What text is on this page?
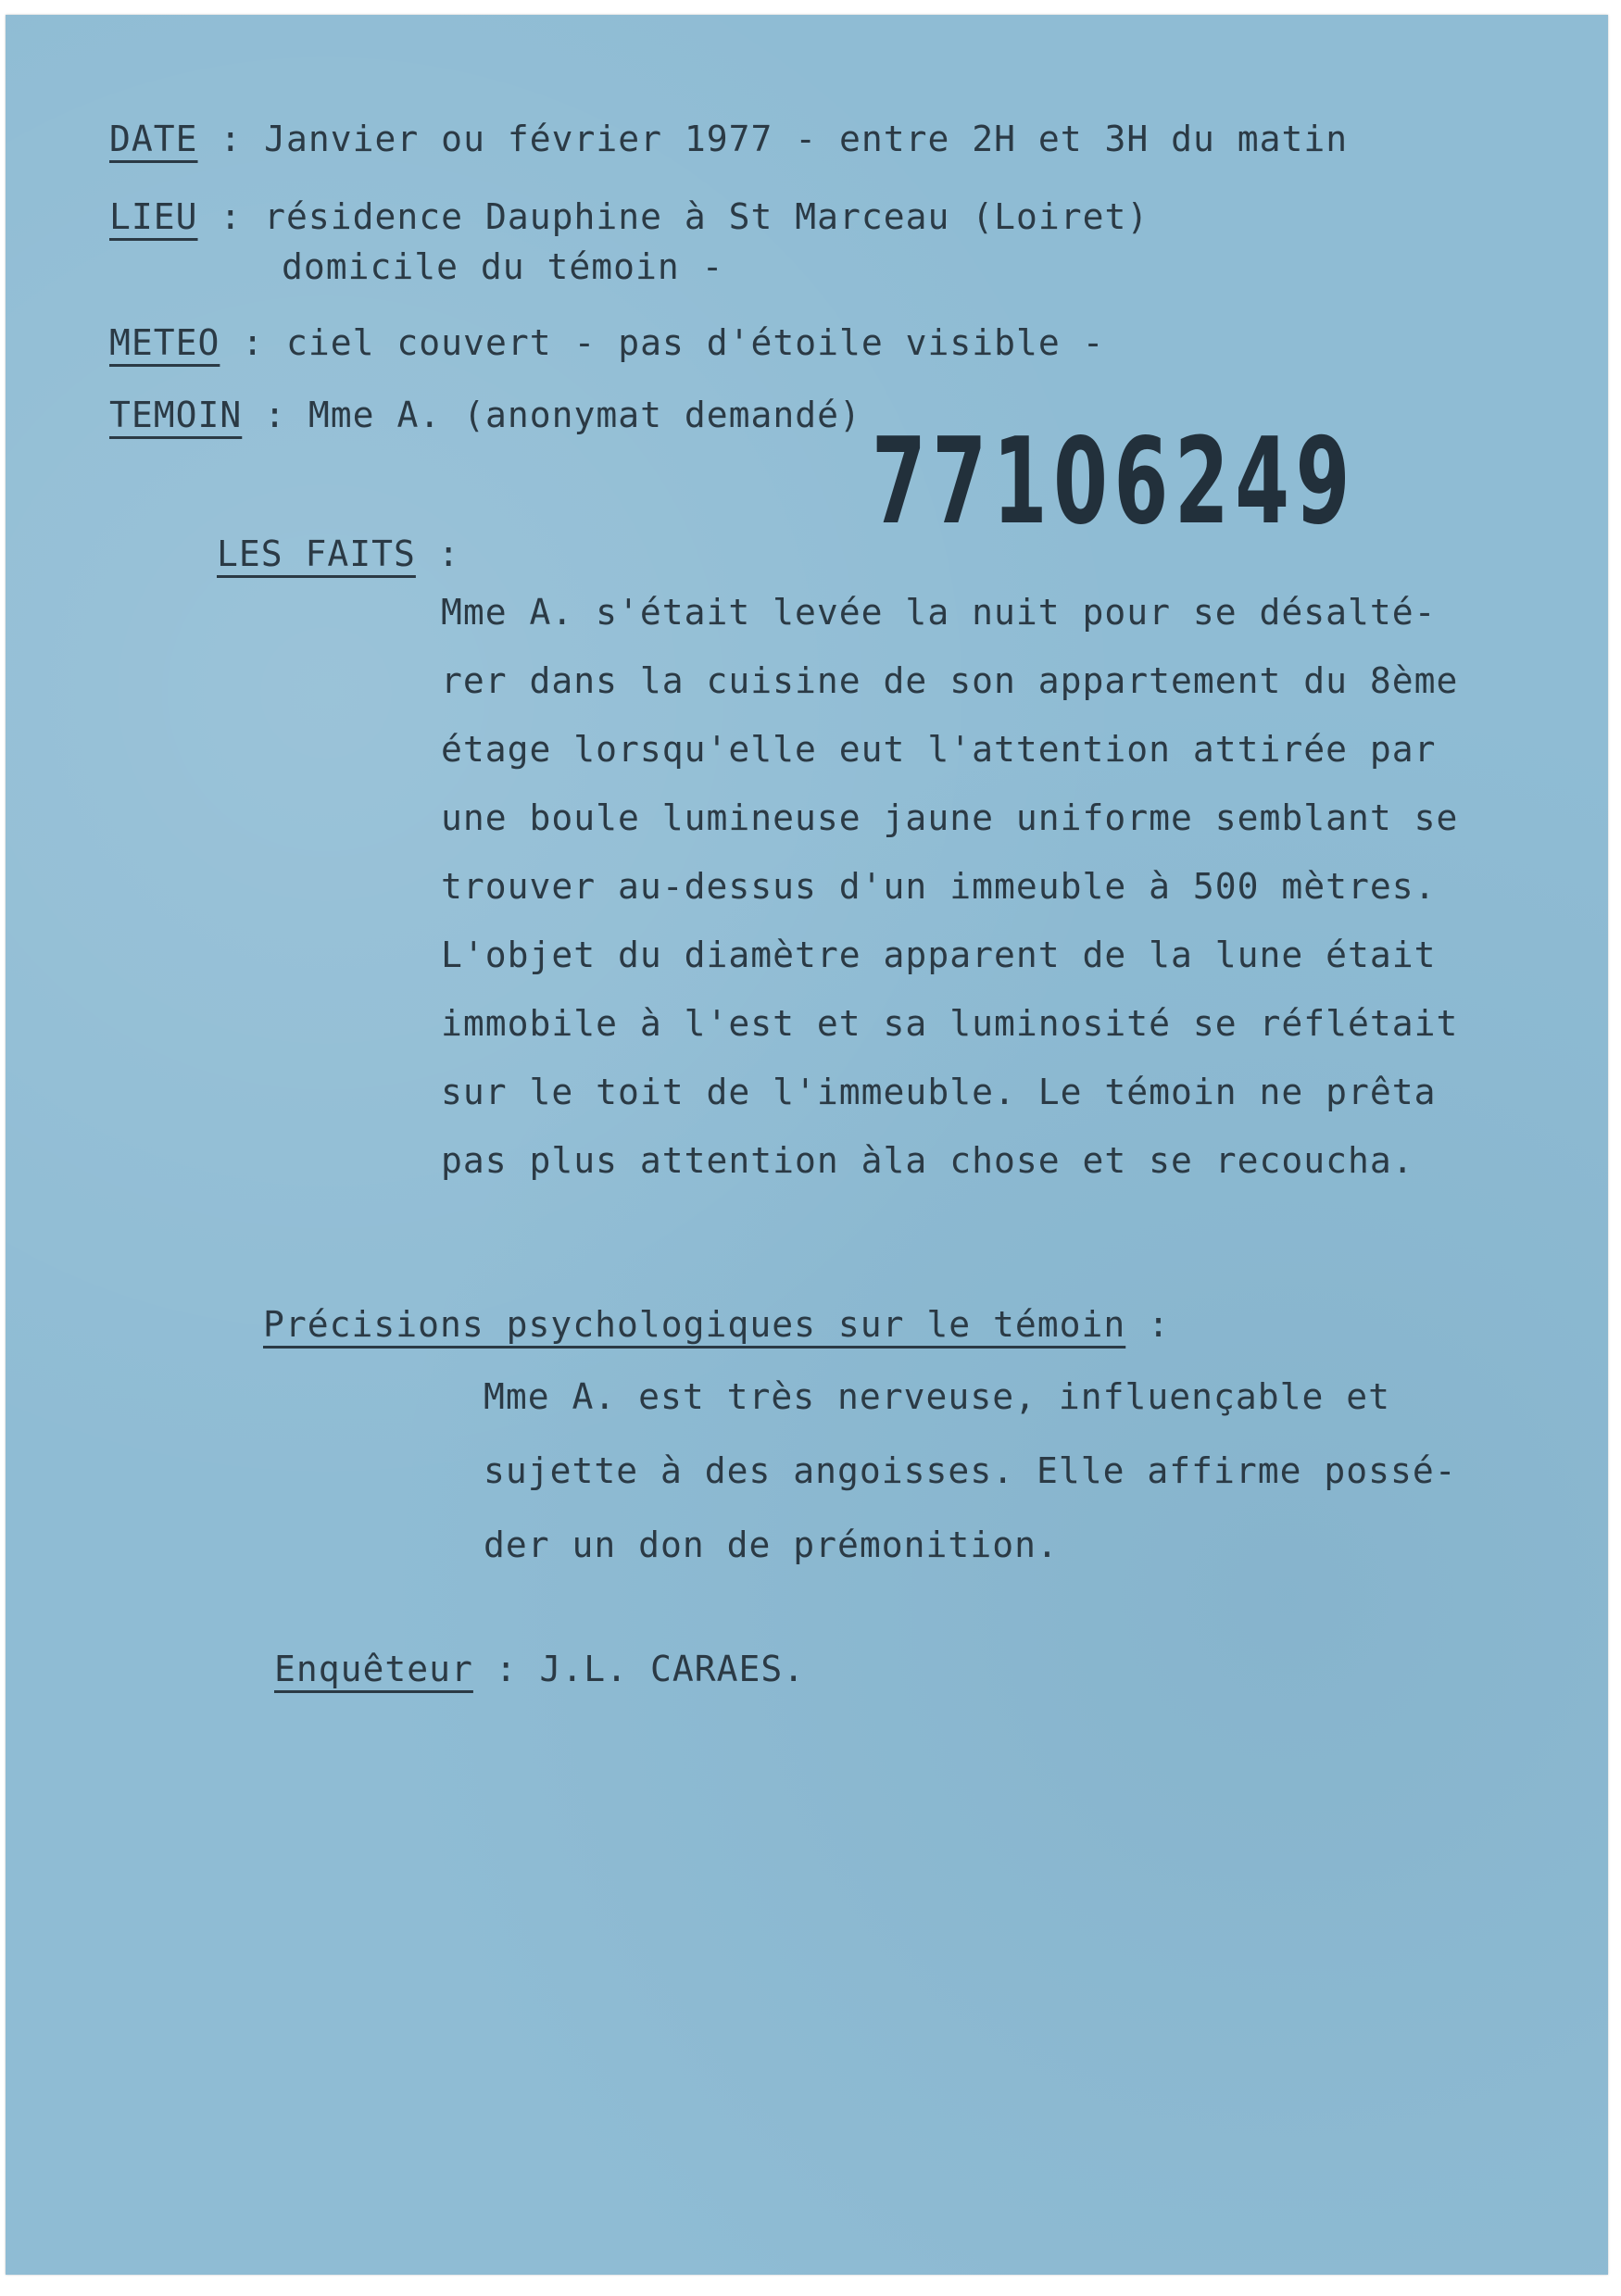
DATE : Janvier ou février 1977 - entre 2H et 3H du matin
LIEU : résidence Dauphine à St Marceau (Loiret)
domicile du témoin -
METEO : ciel couvert - pas d'étoile visible -
TEMOIN : Mme A. (anonymat demandé) 77106249
LES FAITS :
Mme A. s'était levée la nuit pour se désalté-
rer dans la cuisine de son appartement du 8ème
étage lorsqu'elle eut l'attention attirée par
une boule lumineuse jaune uniforme semblant se
trouver au-dessus d'un immeuble à 500 mètres.
L'objet du diamètre apparent de la lune était
immobile à l'est et sa luminosité se réflétait
sur le toit de l'immeuble. Le témoin ne prêta
pas plus attention àla chose et se recoucha.
Précisions psychologiques sur le témoin :
Mme A. est très nerveuse, influençable et
sujette à des angoisses. Elle affirme possé-
der un don de prémonition.
Enquêteur : J.L. CARAES.
